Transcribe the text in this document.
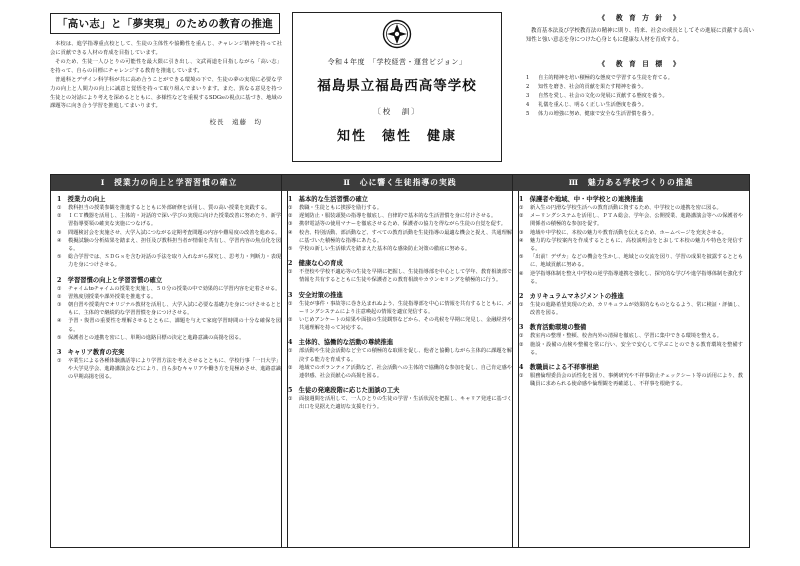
「高い志」と「夢実現」のための教育の推進

本校は、進学指導重点校として、生徒の主体性や協働性を重んじ、チャレンジ精神を持って社会に貢献できる人材の育成を目指しています。

そのため、生徒一人ひとりの可能性を最大限に引き出し、文武両道を目指しながら「高い志」を持って、自らの目標にチャレンジする教育を推進しています。

普通科とデザイン科学科が共に高め合うことができる環境の下で、生徒の夢の実現に必要な学力の向上と人間力の向上に誠意と覚悟を持って取り組んでまいります。また、異なる意見を持つ生徒との対話により考えを深めるとともに、多様性などを重視するSDGsの視点に基づき、地域の課題等に向き合う学習を推進してまいります。

校長　遠藤　均
令和４年度　「学校経営・運営ビジョン」
福島県立福島西高等学校
〔校　訓〕
知性　徳性　健康
《　教 育 方 針　》
教育基本法及び学校教育法の精神に則り、将来、社会の成長としてその進展に貢献する高い知性と強い意志を身につけた心身ともに健康な人材を育成する。
《　教 育 目 標　》
1 自主的精神を培い積極的な態度で学習する生徒を育てる。
2 知性を磨き、社会的貢献を果たす精神を養う。
3 自然を愛し、社会の文化の発展に貢献する態度を養う。
4 礼儀を重んじ、明るく正しい生活態度を養う。
5 体力の増強に努め、健康で安全な生活習慣を養う。
Ⅰ　授業力の向上と学習習慣の確立
1　授業力の向上
①	教科担当の授業参観を推進するとともに外部研修を活用し、質の高い授業を実践する。
②	ＩＣＴ機器を活用し、主体的・対話的で深い学びの実現に向けた授業改善に努めたり、新学習指導要領の確実な実施につなげる。
③	問題検討会を実施させ、大学入試につながる定期考査問題の内容や難易度の改善を進める。
④	模擬試験の分析結果を踏まえ、担任及び教科担当者が情報を共有し、学習内容の焦点化を図る。
⑤	総合学習では、ＳＤＧｓを含む対話の手法を取り入れながら探究し、思考力・判断力・表現力を身につけさせる。
2　学習習慣の向上と学習習慣の確立
①	チャイムtoチャイムの授業を実施し、５０分の授業の中で効果的に学習内容を定着させる。
②	習熟度別授業や課外授業を推進する。
③	朝自習や授業内でオリジナル教材を活用し、大学入試に必要な基礎力を身につけさせるとともに、主体的で継続的な学習習慣を身につけさせる。
④	予習・復習の重要性を理解させるとともに、課題を与えて家庭学習時間の十分な確保を図る。
⑤	保護者との連携を密にし、単期の進路目標の決定と進路意識の高揚を図る。
3　キャリア教育の充実
①	卒業生による各種体験講話等により学習方法を考えさせるとともに、学校行事「一日大学」や大学見学会、進路講演会などにより、自ら歩むキャリアや働き方を見極めさせ、進路意識の早期高揚を図る。
Ⅱ　心に響く生徒指導の実践
1　基本的な生活習慣の確立
①	教職・生徒ともに挨拶を励行する。
②	遅刻防止・服装頭髪の指導を徹底し、自律的で基本的な生活習慣を身に付けさせる。
③	携帯電話等の使用マナーを徹底させるため、保護者の協力を得ながら生徒の自覚を促す。
④	校舎、特別活動、部活動など、すべての教育活動を生徒指導の最適な機会と捉え、共通理解に基づいた積極的な指導にあたる。
⑤	学校の新しい生活様式を踏まえた基本的な感染防止対策の徹底に努める。
2　健康な心の育成
①	不登校や学校不適応等の生徒を早期に把握し、生徒指導部を中心として学年、教育相談部で情報を共有するとともに生徒や保護者との教育相談やカウンセリングを積極的に行う。
3　安全対策の推進
①	生徒が事件・事故等に巻き込まれぬよう、生徒指導部を中心に情報を共有するとともに、メーリングシステムにより注意喚起の情報を適宜発信する。
②	いじめアンケートの結果や面接の生徒観察などから、その兆候を早期に発見し、金融経営や共通理解を持って対応する。
4　主体的、協働的な活動の尊続推進
①	部活動や生徒会活動など全ての積極的な取組を促し、他者と協働しながら主体的に課題を解決する能力を育成する。
②	地域でのボランティア活動など、社会活動への主体的で協働的な参加を促し、自己肯定感や連帯感、社会貢献心の高揚を図る。
5　生徒の発達段階に応じた面談の工夫
①	面接週間を活用して、一人ひとりの生徒の学習・生活状況を把握し、キャリア発達に基づく出口を見据えた適切な支援を行う。
Ⅲ　魅力ある学校づくりの推進
1　保護者や地域、中・中学校との連携推進
①	新入生の円滑な学校生活への教育活動に資するため、中学校との連携を密に図る。
②	メーリングシステムを活用し、ＰＴＡ総会、学年会、公開授業、進路講演会等への保護者や関係者の積極的な参加を促す。
③	地域や中学校に、本校の魅力や教育活動を伝えるため、ホームページを充実させる。
④	魅力的な学校案内を作成するとともに、高校説明会をとおして本校の魅力や特色を発信する。
⑤	「出前！デザカ」などの機会を生かし、地域との交流を図り、学習の成果を披露するとともに、地域貢献に努める。
⑥	逆学指導体制を整え中学校の逆学指導連携を強化し、探究的な学びや進学指導体制を強化する。
2　カリキュラムマネジメントの推進
①	生徒の進路希望実現のため、カリキュラムが効果的なものとなるよう、常に検証・評価し、改善を図る。
3　教育活動環境の整備
①	教室内の整理・整頓、校舎内外の清掃を徹底し、学習に集中できる環境を整える。
②	施設・設備の点検や整備を常に行い、安全で安心して学ぶことのできる教育環境を整備する。
4　教職員による不祥事根絶
①	服務倫理委員会の活性化を図り、事例研究や不祥事防止チェックシート等の活用により、教職員に求められる使命感や倫理観を再確認し、不祥事を根絶する。
